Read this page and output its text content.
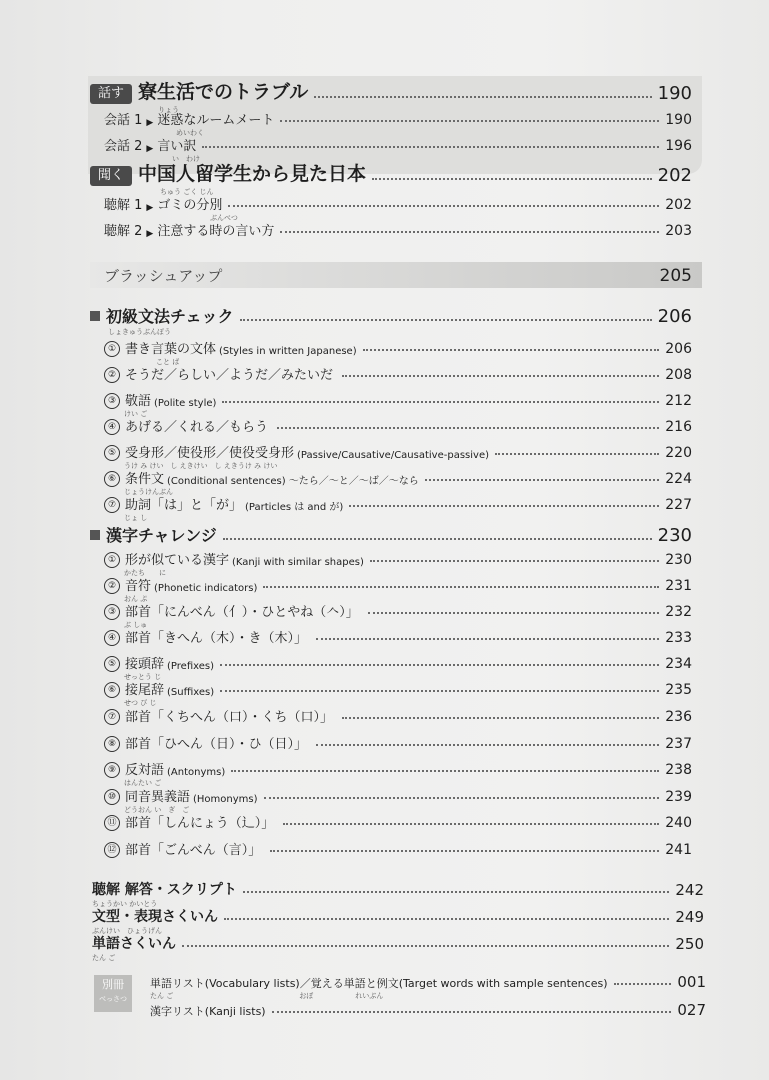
話す 寮生活でのトラブル	190
りょう
会話 1 ▶ 迷惑なルームメート	190
めいわく
会話 2 ▶ 言い訳	196
い　わけ
聞く 中国人留学生から見た日本	202
ちゅう ごく じん
聴解 1 ▶ ゴミの分別	202
ぶんべつ
聴解 2 ▶ 注意する時の言い方	203
ブラッシュアップ	205
初級文法チェック	206
しょきゅうぶんぽう
① 書き言葉の文体 (Styles in written Japanese)	206
こと ば
② そうだ／らしい／ようだ／みたいだ	208
③ 敬語 (Polite style)	212
けい ご
④ あげる／くれる／もらう	216
⑤ 受身形／使役形／使役受身形 (Passive/Causative/Causative-passive)	220
うけ み けい　し えきけい　し えきうけ み けい
⑥ 条件文 (Conditional sentences) ～たら／～と／～ば／～なら	224
じょうけんぶん
⑦ 助詞「は」と「が」 (Particles は and が)	227
じょ し
漢字チャレンジ	230
① 形が似ている漢字 (Kanji with similar shapes)	230
かたち　　に
② 音符 (Phonetic indicators)	231
おん ぷ
③ 部首「にんべん（亻）・ひとやね（𠆢）」	232
ぶ しゅ
④ 部首「きへん（木）・き（木）」	233
⑤ 接頭辞 (Prefixes)	234
せっとう じ
⑥ 接尾辞 (Suffixes)	235
せつ び じ
⑦ 部首「くちへん（口）・くち（口）」	236
⑧ 部首「ひへん（日）・ひ（日）」	237
⑨ 反対語 (Antonyms)	238
はんたい ご
⑩ 同音異義語 (Homonyms)	239
どうおん い　ぎ　ご
⑪ 部首「しんにょう（⻌）」	240
⑫ 部首「ごんべん（言）」	241
聴解 解答・スクリプト	242
ちょうかい かいとう
文型・表現さくいん	249
ぶんけい　ひょうげん
単語さくいん	250
たん ご
別冊
べっさつ
単語リスト(Vocabulary lists)／覚える単語と例文(Target words with sample sentences)	001
たん ご　　　　　　　　　　　　　　　　　　おぼ　　　　　　れいぶん
漢字リスト(Kanji lists)	027
